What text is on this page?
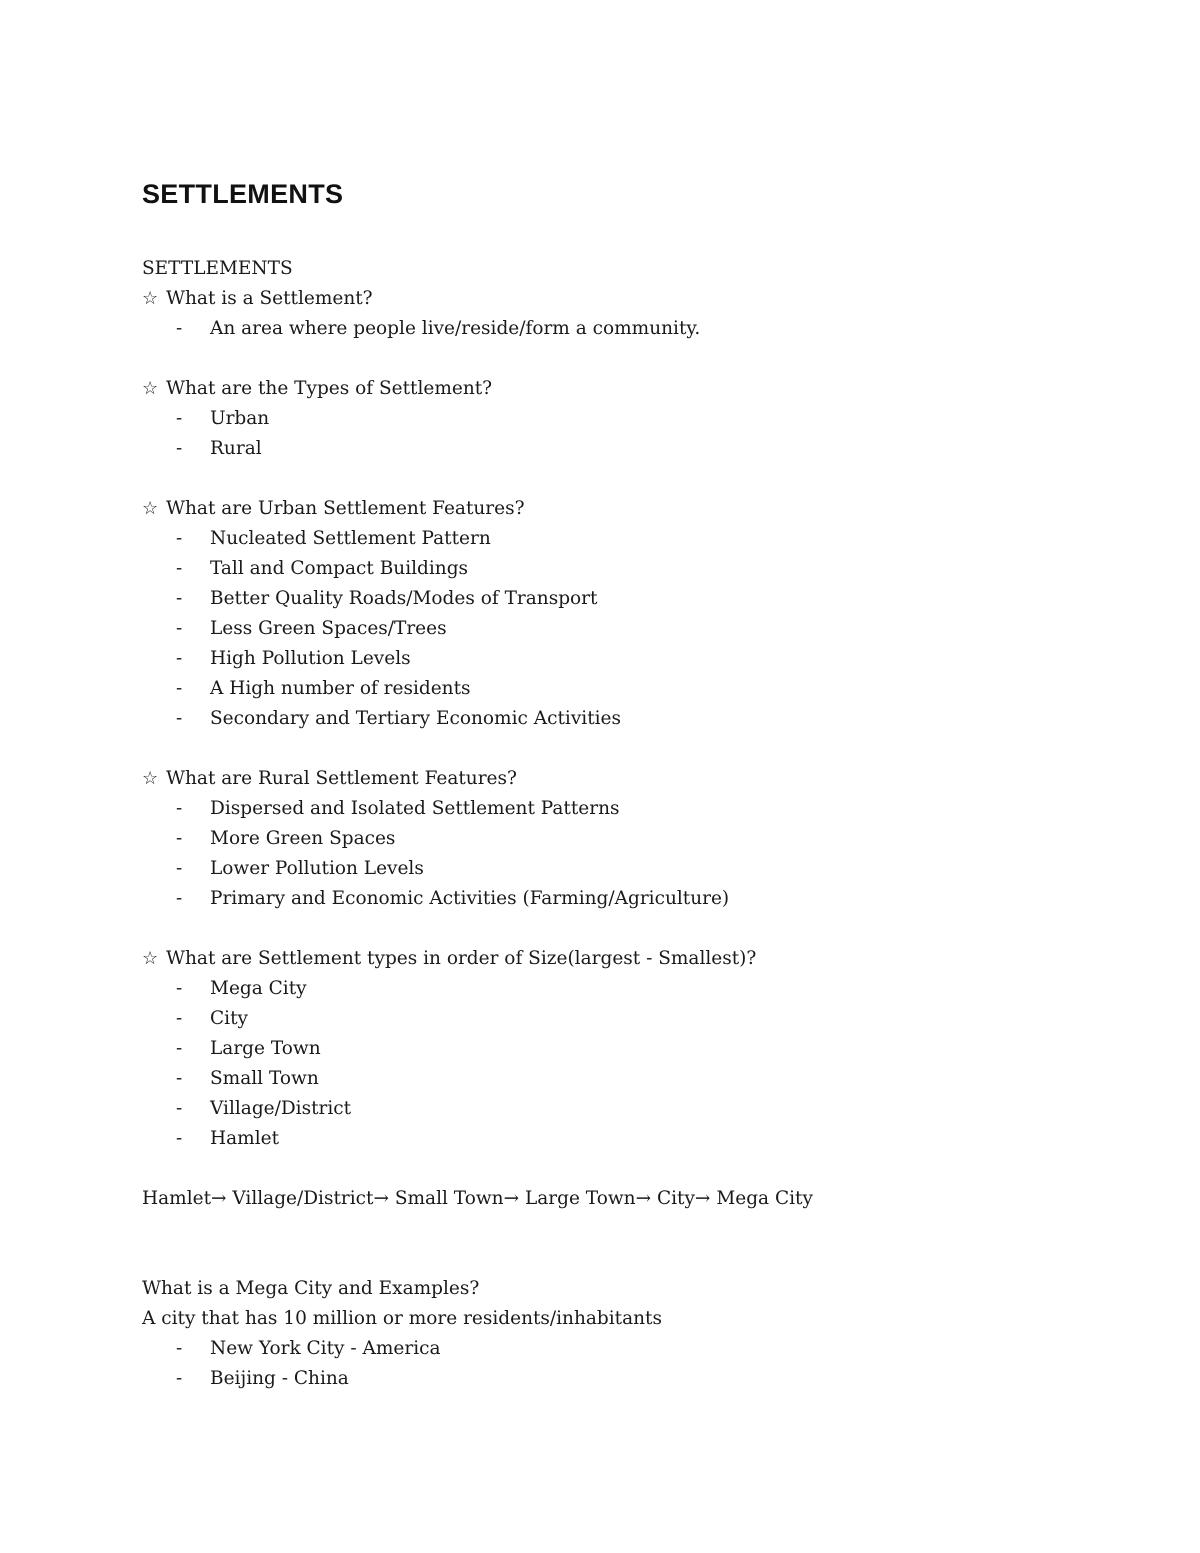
SETTLEMENTS
SETTLEMENTS
☆ What is a Settlement?
-	An area where people live/reside/form a community.
☆ What are the Types of Settlement?
-	Urban
-	Rural
☆ What are Urban Settlement Features?
-	Nucleated Settlement Pattern
-	Tall and Compact Buildings
-	Better Quality Roads/Modes of Transport
-	Less Green Spaces/Trees
-	High Pollution Levels
-	A High number of residents
-	Secondary and Tertiary Economic Activities
☆ What are Rural Settlement Features?
-	Dispersed and Isolated Settlement Patterns
-	More Green Spaces
-	Lower Pollution Levels
-	Primary and Economic Activities (Farming/Agriculture)
☆ What are Settlement types in order of Size(largest - Smallest)?
-	Mega City
-	City
-	Large Town
-	Small Town
-	Village/District
-	Hamlet
Hamlet→ Village/District→ Small Town→ Large Town→ City→ Mega City
What is a Mega City and Examples?
A city that has 10 million or more residents/inhabitants
-	New York City - America
-	Beijing - China
